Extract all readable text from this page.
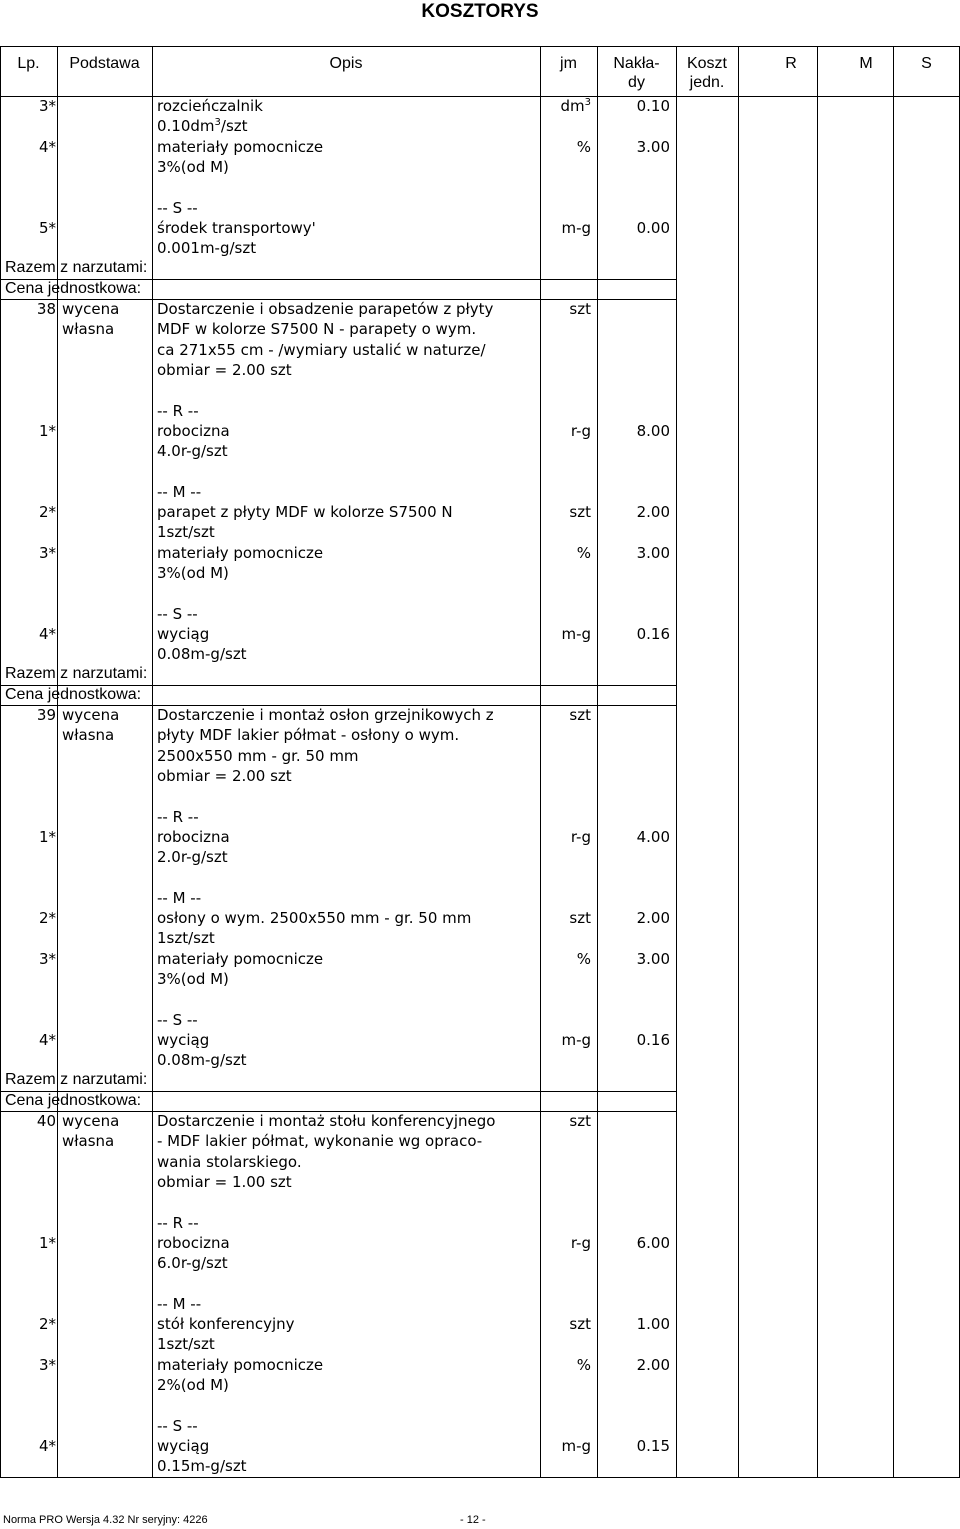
KOSZTORYS
Lp.	Podstawa	Opis	jm	Nakła-
dy
Koszt
jedn.
R	M	S
3*	rozcieńczalnik	$dm^3$	0.10
$0.10dm^3$/szt
4*	materiały pomocnicze	%	3.00
3%(od M)
-- S --
5*	środek transportowy'	m-g	0.00
0.001m-g/szt
Razem z narzutami:
Cena jednostkowa:
38 wycena	Dostarczenie i obsadzenie parapetów z płyty	szt
własna	MDF w kolorze S7500 N - parapety o wym.
ca 271x55 cm - /wymiary ustalić w naturze/
obmiar = 2.00 szt
-- R --
1*	robocizna	r-g	8.00
4.0r-g/szt
-- M --
2*	parapet z płyty MDF w kolorze S7500 N	szt	2.00
1szt/szt
3*	materiały pomocnicze	%	3.00
3%(od M)
-- S --
4*	wyciąg	m-g	0.16
0.08m-g/szt
Razem z narzutami:
Cena jednostkowa:
39 wycena	Dostarczenie i montaż osłon grzejnikowych z	szt
własna	płyty MDF lakier półmat - osłony o wym.
2500x550 mm - gr. 50 mm
obmiar = 2.00 szt
-- R --
1*	robocizna	r-g	4.00
2.0r-g/szt
-- M --
2*	osłony o wym. 2500x550 mm - gr. 50 mm	szt	2.00
1szt/szt
3*	materiały pomocnicze	%	3.00
3%(od M)
-- S --
4*	wyciąg	m-g	0.16
0.08m-g/szt
Razem z narzutami:
Cena jednostkowa:
40 wycena	Dostarczenie i montaż stołu konferencyjnego	szt
własna	- MDF lakier półmat, wykonanie wg opraco-
wania stolarskiego.
obmiar = 1.00 szt
-- R --
1*	robocizna	r-g	6.00
6.0r-g/szt
-- M --
2*	stół konferencyjny	szt	1.00
1szt/szt
3*	materiały pomocnicze	%	2.00
2%(od M)
-- S --
4*	wyciąg	m-g	0.15
0.15m-g/szt
Norma PRO Wersja 4.32 Nr seryjny: 4226	- 12 -
